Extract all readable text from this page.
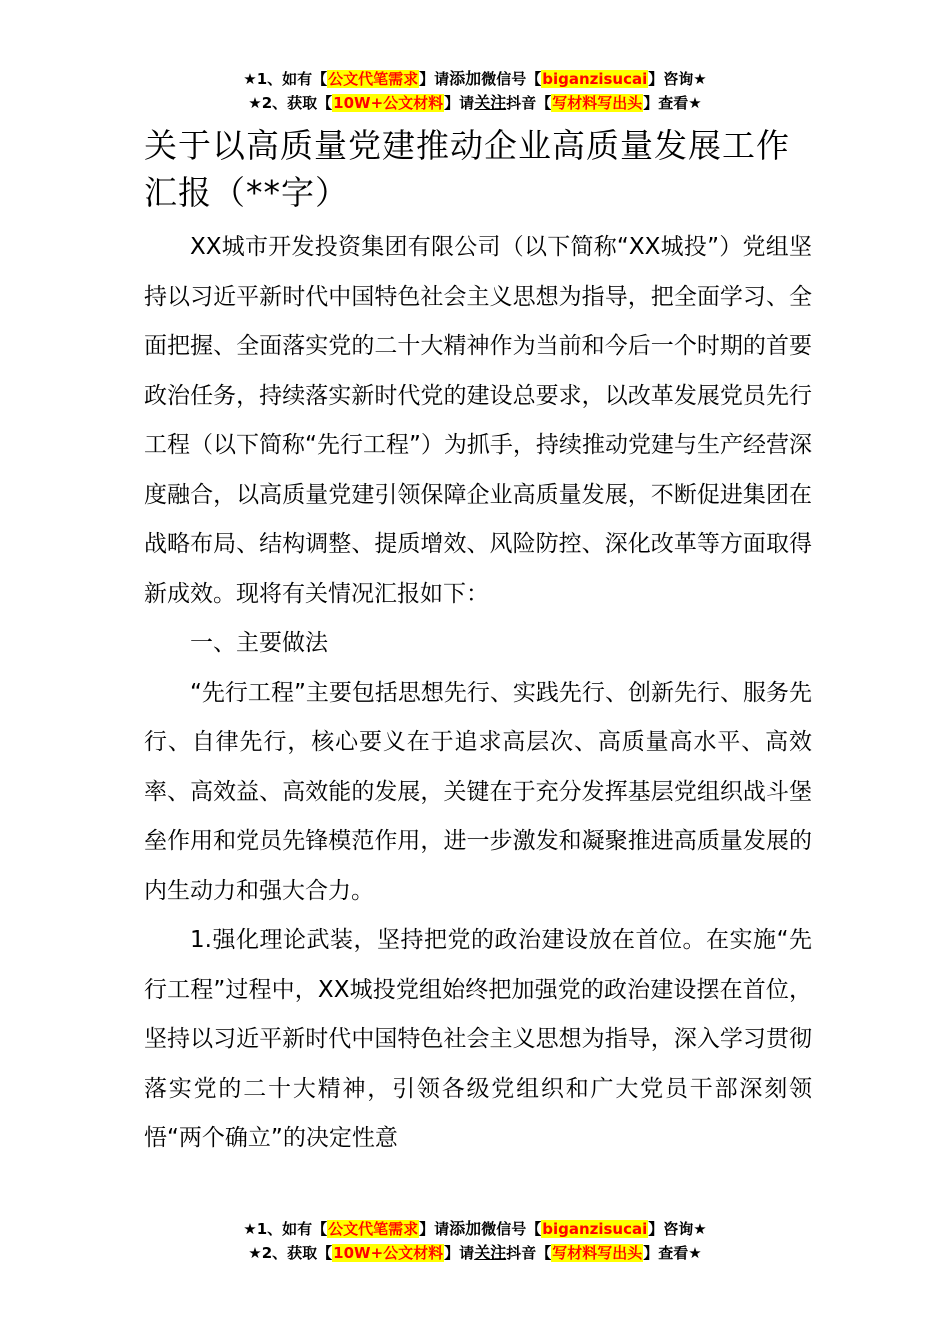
★1、如有【公文代笔需求】请添加微信号【biganzisucai】咨询★
★2、获取【10W+公文材料】请关注抖音【写材料写出头】查看★
关于以高质量党建推动企业高质量发展工作汇报（**字）

XX城市开发投资集团有限公司（以下简称“XX城投”）党组坚持以习近平新时代中国特色社会主义思想为指导，把全面学习、全面把握、全面落实党的二十大精神作为当前和今后一个时期的首要政治任务，持续落实新时代党的建设总要求，以改革发展党员先行工程（以下简称“先行工程”）为抓手，持续推动党建与生产经营深度融合，以高质量党建引领保障企业高质量发展，不断促进集团在战略布局、结构调整、提质增效、风险防控、深化改革等方面取得新成效。现将有关情况汇报如下：

一、主要做法

“先行工程”主要包括思想先行、实践先行、创新先行、服务先行、自律先行，核心要义在于追求高层次、高质量高水平、高效率、高效益、高效能的发展，关键在于充分发挥基层党组织战斗堡垒作用和党员先锋模范作用，进一步激发和凝聚推进高质量发展的内生动力和强大合力。

1.强化理论武装，坚持把党的政治建设放在首位。在实施“先行工程”过程中，XX城投党组始终把加强党的政治建设摆在首位，坚持以习近平新时代中国特色社会主义思想为指导，深入学习贯彻落实党的二十大精神，引领各级党组织和广大党员干部深刻领悟“两个确立”的决定性意

★1、如有【公文代笔需求】请添加微信号【biganzisucai】咨询★
★2、获取【10W+公文材料】请关注抖音【写材料写出头】查看★
